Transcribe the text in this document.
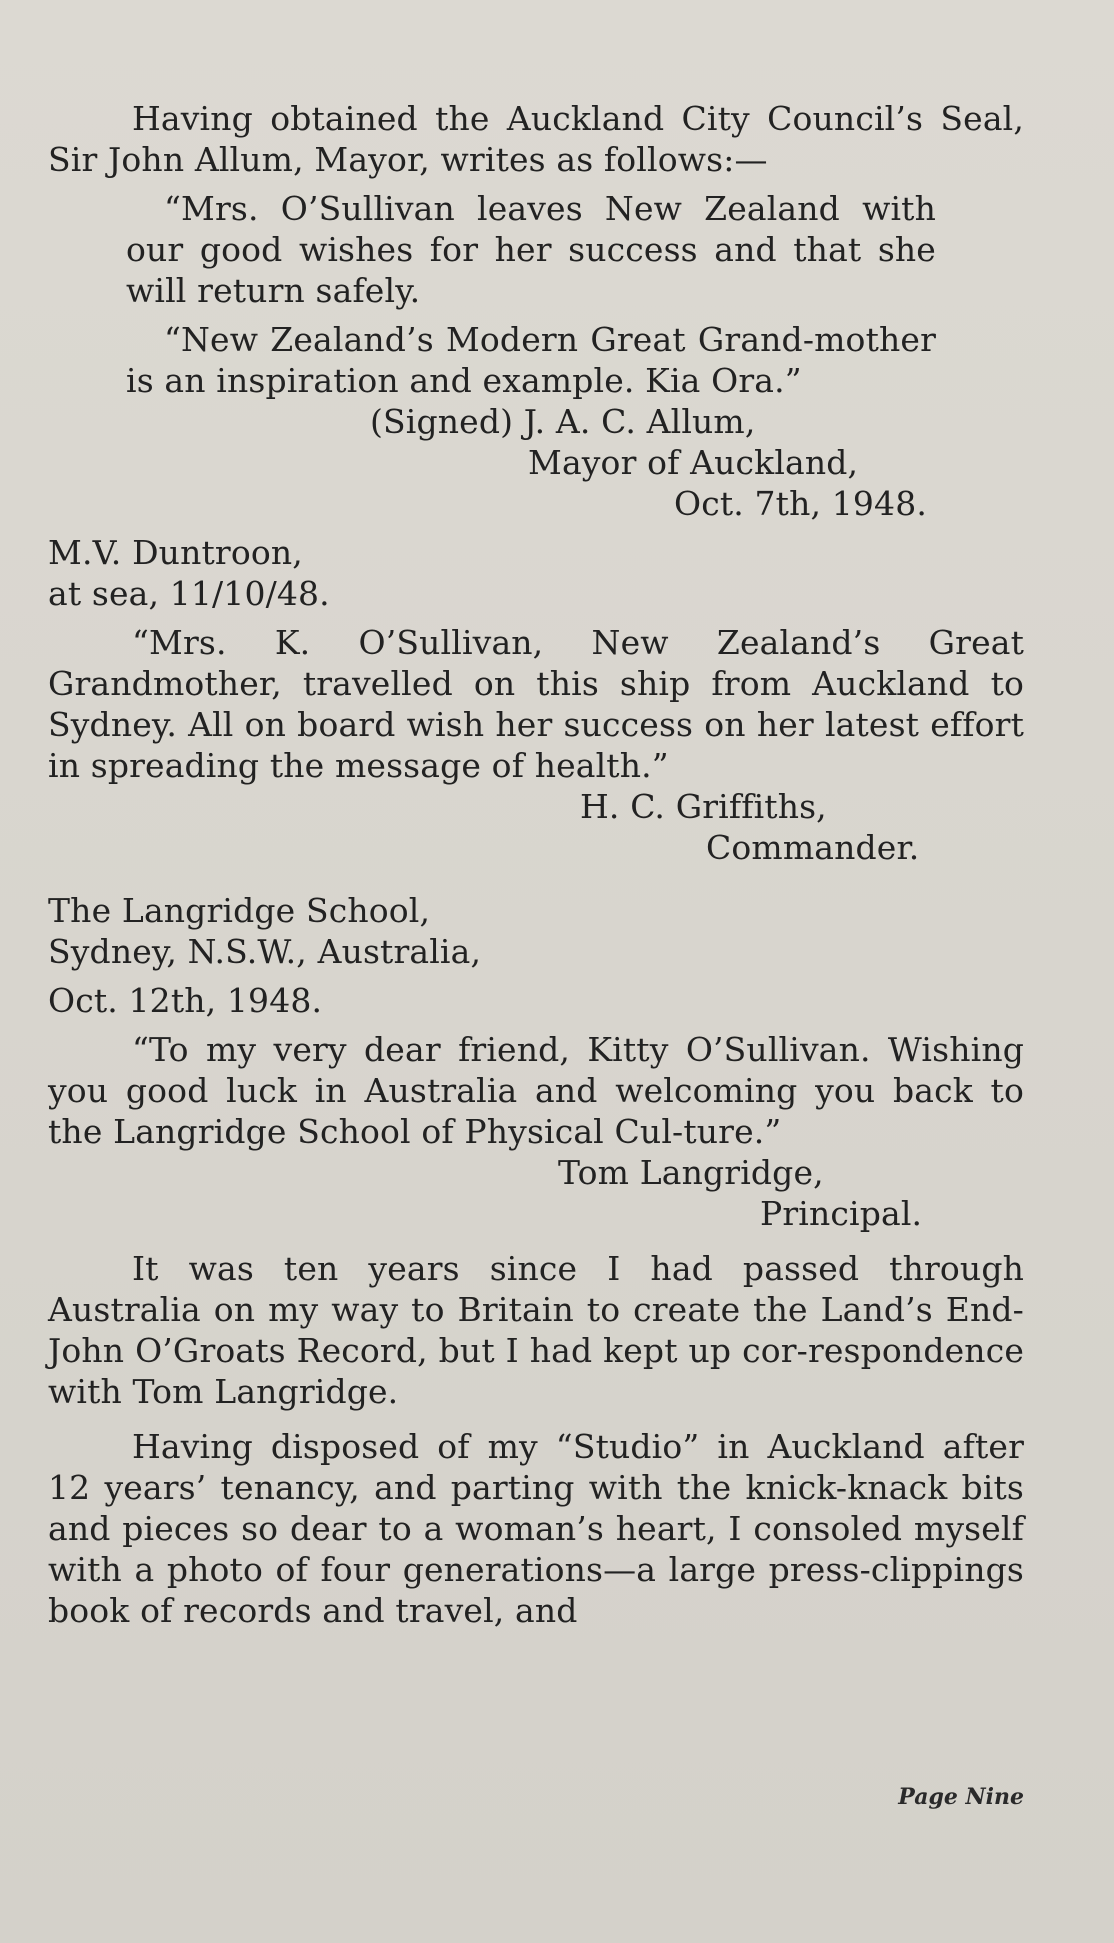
Having obtained the Auckland City Council’s Seal, Sir John Allum, Mayor, writes as follows:—

“Mrs. O’Sullivan leaves New Zealand with our good wishes for her success and that she will return safely.

“New Zealand’s Modern Great Grand-mother is an inspiration and example. Kia Ora.”

(Signed) J. A. C. Allum,

Mayor of Auckland,

Oct. 7th, 1948.

M.V. Duntroon,

at sea, 11/10/48.

“Mrs. K. O’Sullivan, New Zealand’s Great Grandmother, travelled on this ship from Auckland to Sydney. All on board wish her success on her latest effort in spreading the message of health.”

H. C. Griffiths,

Commander.

The Langridge School,

Sydney, N.S.W., Australia,

Oct. 12th, 1948.

“To my very dear friend, Kitty O’Sullivan. Wishing you good luck in Australia and welcoming you back to the Langridge School of Physical Cul-ture.”

Tom Langridge,

Principal.

It was ten years since I had passed through Australia on my way to Britain to create the Land’s End-John O’Groats Record, but I had kept up cor-respondence with Tom Langridge.

Having disposed of my “Studio” in Auckland after 12 years’ tenancy, and parting with the knick-knack bits and pieces so dear to a woman’s heart, I consoled myself with a photo of four generations—a large press-clippings book of records and travel, and

Page Nine
